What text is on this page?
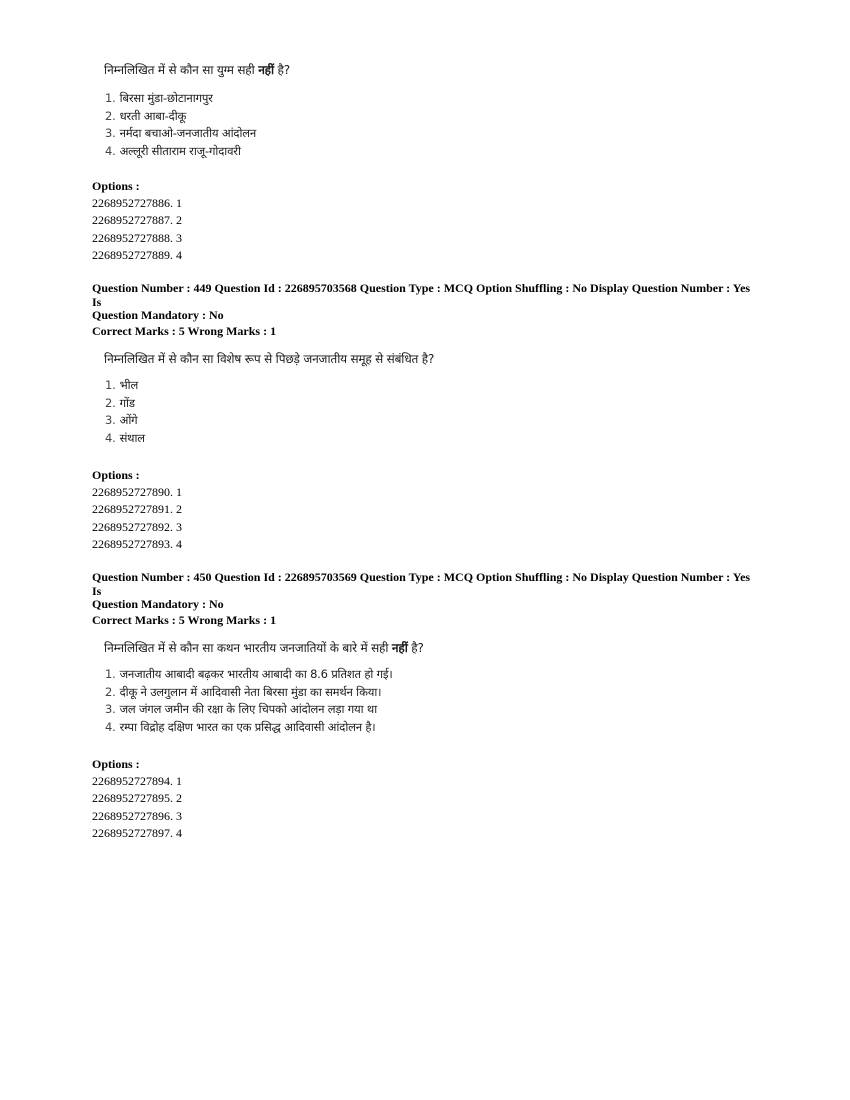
निम्नलिखित में से कौन सा युग्म सही नहीं है?
1. बिरसा मुंडा-छोटानागपुर
2. धरती आबा-दीकू
3. नर्मदा बचाओ-जनजातीय आंदोलन
4. अल्लूरी सीताराम राजू-गोदावरी
Options :
2268952727886. 1
2268952727887. 2
2268952727888. 3
2268952727889. 4
Question Number : 449 Question Id : 226895703568 Question Type : MCQ Option Shuffling : No Display Question Number : Yes Is
Question Mandatory : No
Correct Marks : 5 Wrong Marks : 1
निम्नलिखित में से कौन सा विशेष रूप से पिछड़े जनजातीय समूह से संबंधित है?
1. भील
2. गोंड
3. ओंगे
4. संथाल
Options :
2268952727890. 1
2268952727891. 2
2268952727892. 3
2268952727893. 4
Question Number : 450 Question Id : 226895703569 Question Type : MCQ Option Shuffling : No Display Question Number : Yes Is
Question Mandatory : No
Correct Marks : 5 Wrong Marks : 1
निम्नलिखित में से कौन सा कथन भारतीय जनजातियों के बारे में सही नहीं है?
1. जनजातीय आबादी बढ़कर भारतीय आबादी का 8.6 प्रतिशत हो गई।
2. दीकू ने उलगुलान में आदिवासी नेता बिरसा मुंडा का समर्थन किया।
3. जल जंगल जमीन की रक्षा के लिए चिपको आंदोलन लड़ा गया था
4. रम्पा विद्रोह दक्षिण भारत का एक प्रसिद्ध आदिवासी आंदोलन है।
Options :
2268952727894. 1
2268952727895. 2
2268952727896. 3
2268952727897. 4
